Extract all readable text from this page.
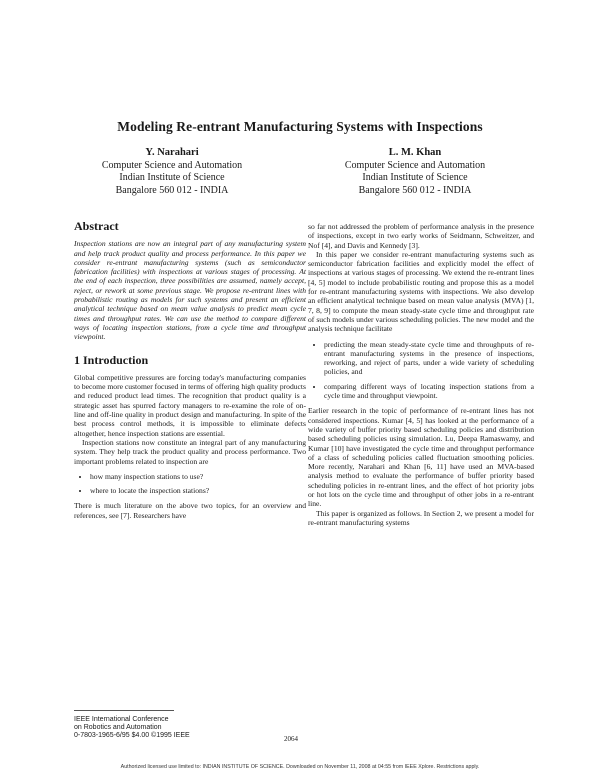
Modeling Re-entrant Manufacturing Systems with Inspections
Y. Narahari
Computer Science and Automation
Indian Institute of Science
Bangalore 560 012 - INDIA
L. M. Khan
Computer Science and Automation
Indian Institute of Science
Bangalore 560 012 - INDIA
Abstract

Inspection stations are now an integral part of any manufacturing system and help track product quality and process performance. In this paper we consider re-entrant manufacturing systems (such as semiconductor fabrication facilities) with inspections at various stages of processing. At the end of each inspection, three possibilities are assumed, namely accept, reject, or rework at some previous stage. We propose re-entrant lines with probabilistic routing as models for such systems and present an efficient analytical technique based on mean value analysis to predict mean cycle times and throughput rates. We can use the method to compare different ways of locating inspection stations, from a cycle time and throughput viewpoint.

1 Introduction

Global competitive pressures are forcing today's manufacturing companies to become more customer focused in terms of offering high quality products and reduced product lead times. The recognition that product quality is a strategic asset has spurred factory managers to re-examine the role of on-line and off-line quality in product design and manufacturing. In spite of the best process control methods, it is impossible to eliminate defects altogether, hence inspection stations are essential.

Inspection stations now constitute an integral part of any manufacturing system. They help track the product quality and process performance. Two important problems related to inspection are

• how many inspection stations to use?
• where to locate the inspection stations?

There is much literature on the above two topics, for an overview and references, see [7]. Researchers have

so far not addressed the problem of performance analysis in the presence of inspections, except in two early works of Seidmann, Schweitzer, and Nof [4], and Davis and Kennedy [3].

In this paper we consider re-entrant manufacturing systems such as semiconductor fabrication facilities and explicitly model the effect of inspections at various stages of processing. We extend the re-entrant lines [4, 5] model to include probabilistic routing and propose this as a model for re-entrant manufacturing systems with inspections. We also develop an efficient analytical technique based on mean value analysis (MVA) [1, 7, 8, 9] to compute the mean steady-state cycle time and throughput rate of such models under various scheduling policies. The new model and the analysis technique facilitate

• predicting the mean steady-state cycle time and throughputs of re-entrant manufacturing systems in the presence of inspections, reworking, and reject of parts, under a wide variety of scheduling policies, and
• comparing different ways of locating inspection stations from a cycle time and throughput viewpoint.

Earlier research in the topic of performance of re-entrant lines has not considered inspections. Kumar [4, 5] has looked at the performance of a wide variety of buffer priority based scheduling policies and distribution based scheduling policies using simulation. Lu, Deepa Ramaswamy, and Kumar [10] have investigated the cycle time and throughput performance of a class of scheduling policies called fluctuation smoothing policies. More recently, Narahari and Khan [6, 11] have used an MVA-based analysis method to evaluate the performance of buffer priority based scheduling policies in re-entrant lines, and the effect of hot priority jobs or hot lots on the cycle time and throughput of other jobs in a re-entrant line.

This paper is organized as follows. In Section 2, we present a model for re-entrant manufacturing systems

IEEE International Conference
on Robotics and Automation
0-7803-1965-6/95 $4.00 ©1995 IEEE	2064
Authorized licensed use limited to: INDIAN INSTITUTE OF SCIENCE. Downloaded on November 11, 2008 at 04:55 from IEEE Xplore. Restrictions apply.
